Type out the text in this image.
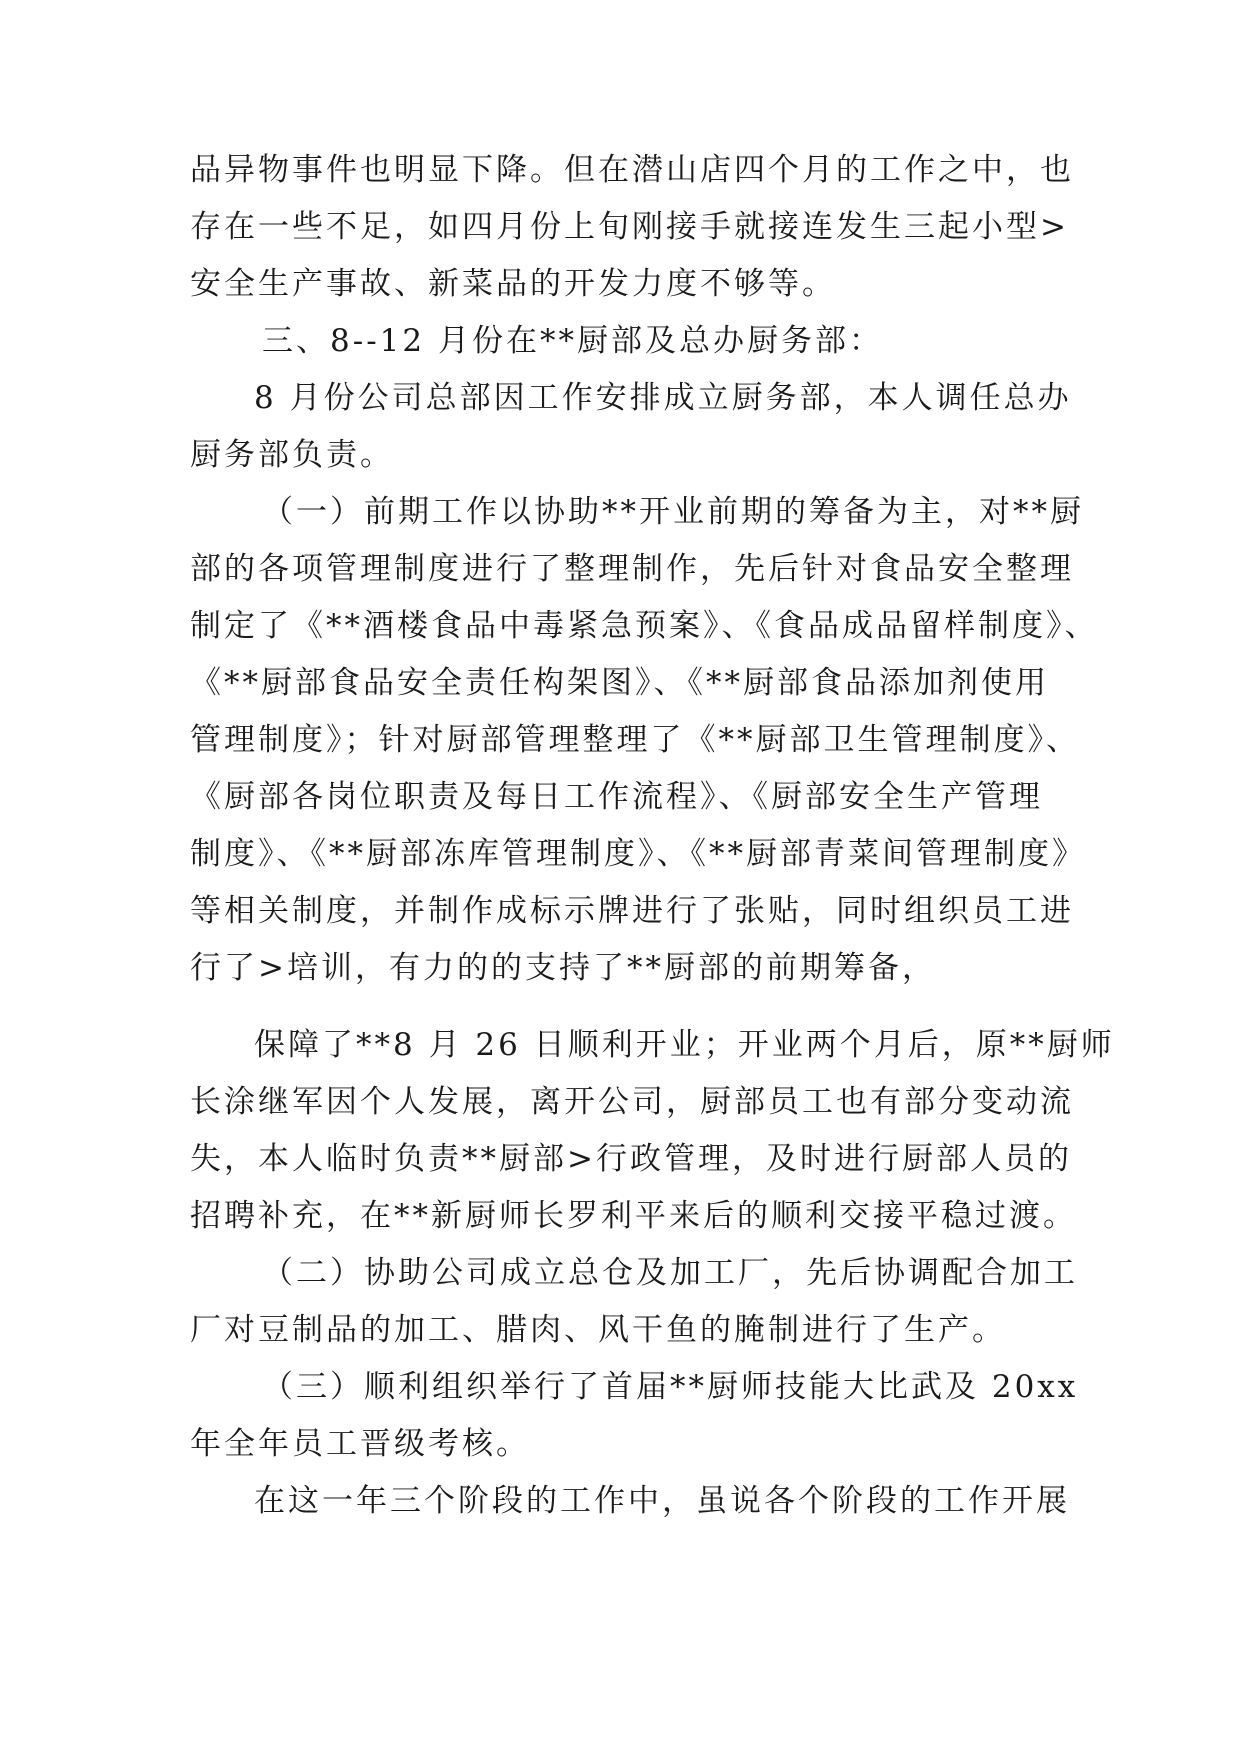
品异物事件也明显下降。但在潜山店四个月的工作之中，也

存在一些不足，如四月份上旬刚接手就接连发生三起小型>

安全生产事故、新菜品的开发力度不够等。

三、8--12 月份在**厨部及总办厨务部：

8 月份公司总部因工作安排成立厨务部，本人调任总办

厨务部负责。

（一）前期工作以协助**开业前期的筹备为主，对**厨

部的各项管理制度进行了整理制作，先后针对食品安全整理

制定了《**酒楼食品中毒紧急预案》、《食品成品留样制度》、

《**厨部食品安全责任构架图》、《**厨部食品添加剂使用

管理制度》；针对厨部管理整理了《**厨部卫生管理制度》、

《厨部各岗位职责及每日工作流程》、《厨部安全生产管理

制度》、《**厨部冻库管理制度》、《**厨部青菜间管理制度》

等相关制度，并制作成标示牌进行了张贴，同时组织员工进

行了>培训，有力的的支持了**厨部的前期筹备，

保障了**8 月 26 日顺利开业；开业两个月后，原**厨师

长涂继军因个人发展，离开公司，厨部员工也有部分变动流

失，本人临时负责**厨部>行政管理，及时进行厨部人员的

招聘补充，在**新厨师长罗利平来后的顺利交接平稳过渡。

（二）协助公司成立总仓及加工厂，先后协调配合加工

厂对豆制品的加工、腊肉、风干鱼的腌制进行了生产。

（三）顺利组织举行了首届**厨师技能大比武及 20xx

年全年员工晋级考核。

在这一年三个阶段的工作中，虽说各个阶段的工作开展
